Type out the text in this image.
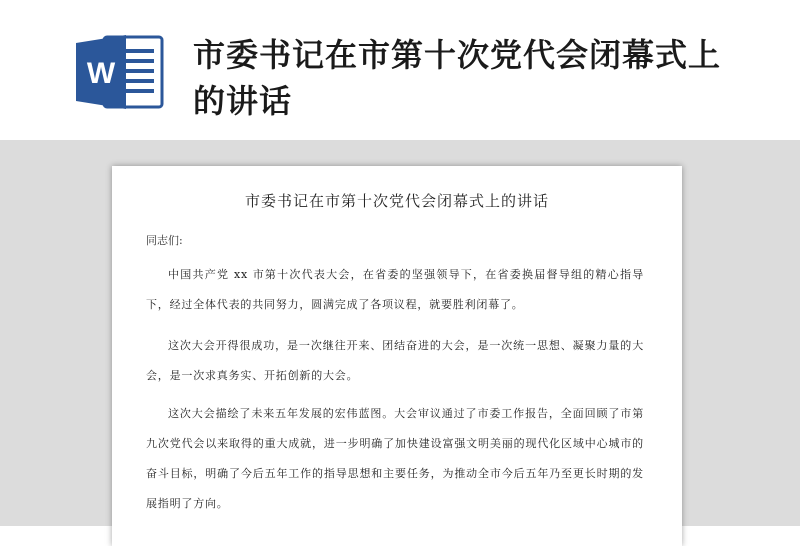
W 市委书记在市第十次党代会闭幕式上的讲话
市委书记在市第十次党代会闭幕式上的讲话
同志们:
中国共产党 xx 市第十次代表大会，在省委的坚强领导下，在省委换届督导组的精心指导下，经过全体代表的共同努力，圆满完成了各项议程，就要胜利闭幕了。
这次大会开得很成功，是一次继往开来、团结奋进的大会，是一次统一思想、凝聚力量的大会，是一次求真务实、开拓创新的大会。
这次大会描绘了未来五年发展的宏伟蓝图。大会审议通过了市委工作报告，全面回顾了市第九次党代会以来取得的重大成就，进一步明确了加快建设富强文明美丽的现代化区域中心城市的奋斗目标，明确了今后五年工作的指导思想和主要任务，为推动全市今后五年乃至更长时期的发展指明了方向。
